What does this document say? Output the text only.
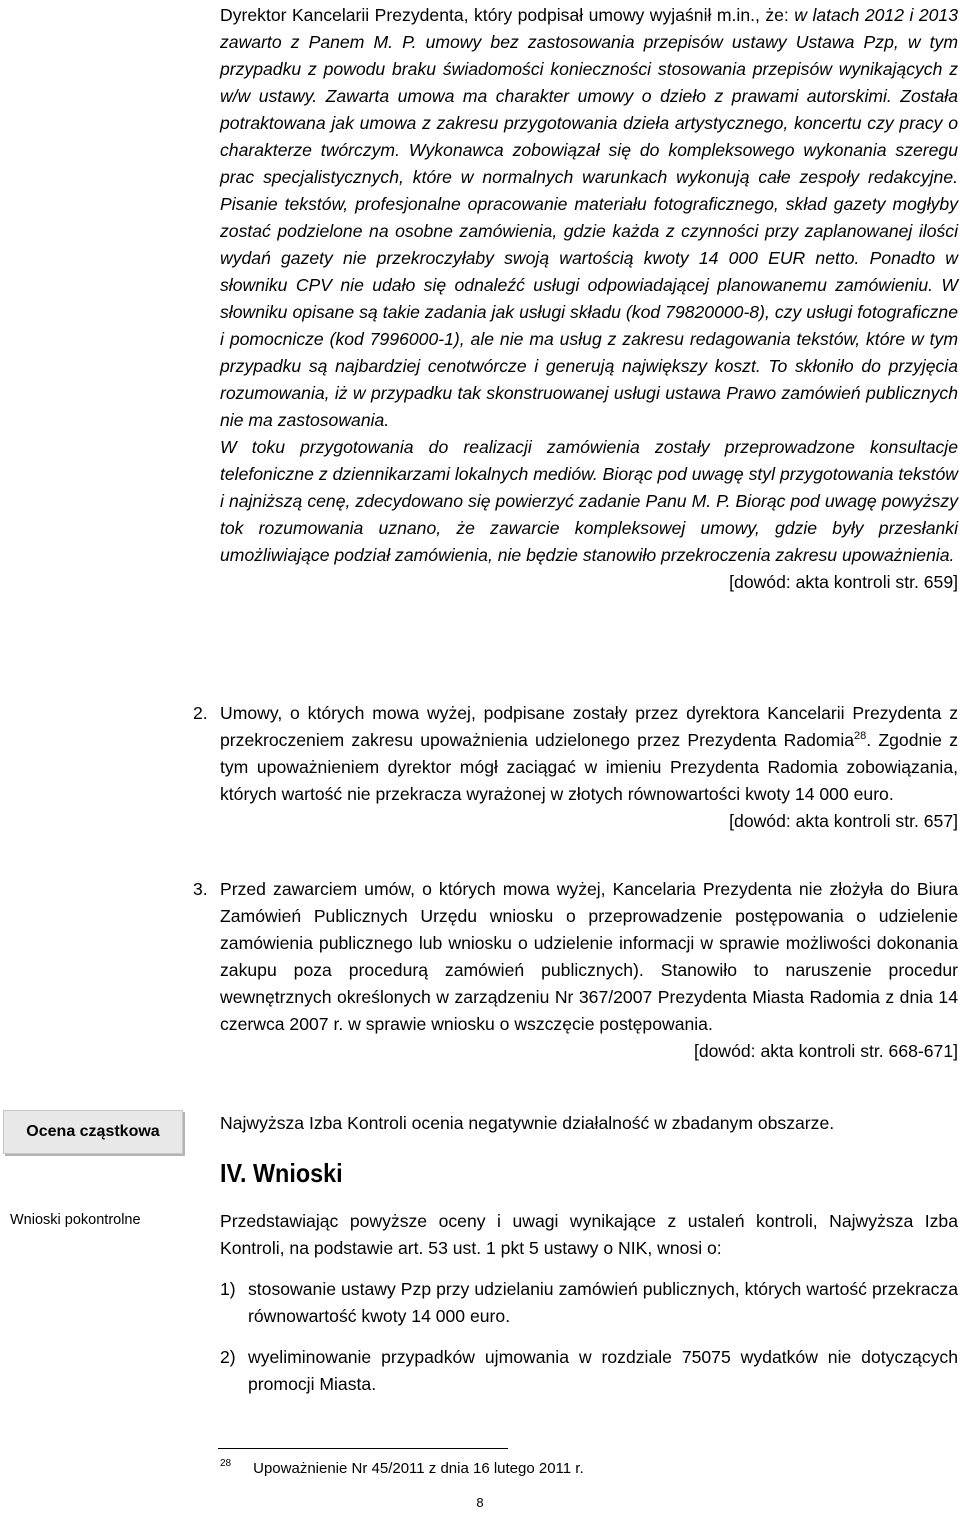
Dyrektor Kancelarii Prezydenta, który podpisał umowy wyjaśnił m.in., że: w latach 2012 i 2013 zawarto z Panem M. P. umowy bez zastosowania przepisów ustawy Ustawa Pzp, w tym przypadku z powodu braku świadomości konieczności stosowania przepisów wynikających z w/w ustawy. Zawarta umowa ma charakter umowy o dzieło z prawami autorskimi. Została potraktowana jak umowa z zakresu przygotowania dzieła artystycznego, koncertu czy pracy o charakterze twórczym. Wykonawca zobowiązał się do kompleksowego wykonania szeregu prac specjalistycznych, które w normalnych warunkach wykonują całe zespoły redakcyjne. Pisanie tekstów, profesjonalne opracowanie materiału fotograficznego, skład gazety mogłyby zostać podzielone na osobne zamówienia, gdzie każda z czynności przy zaplanowanej ilości wydań gazety nie przekroczyłaby swoją wartością kwoty 14 000 EUR netto. Ponadto w słowniku CPV nie udało się odnaleźć usługi odpowiadającej planowanemu zamówieniu. W słowniku opisane są takie zadania jak usługi składu (kod 79820000-8), czy usługi fotograficzne i pomocnicze (kod 7996000-1), ale nie ma usług z zakresu redagowania tekstów, które w tym przypadku są najbardziej cenotwórcze i generują największy koszt. To skłoniło do przyjęcia rozumowania, iż w przypadku tak skonstruowanej usługi ustawa Prawo zamówień publicznych nie ma zastosowania.

W toku przygotowania do realizacji zamówienia zostały przeprowadzone konsultacje telefoniczne z dziennikarzami lokalnych mediów. Biorąc pod uwagę styl przygotowania tekstów i najniższą cenę, zdecydowano się powierzyć zadanie Panu M. P. Biorąc pod uwagę powyższy tok rozumowania uznano, że zawarcie kompleksowej umowy, gdzie były przesłanki umożliwiające podział zamówienia, nie będzie stanowiło przekroczenia zakresu upoważnienia.

[dowód: akta kontroli str. 659]

2. Umowy, o których mowa wyżej, podpisane zostały przez dyrektora Kancelarii Prezydenta z przekroczeniem zakresu upoważnienia udzielonego przez Prezydenta Radomia$^{28}$. Zgodnie z tym upoważnieniem dyrektor mógł zaciągać w imieniu Prezydenta Radomia zobowiązania, których wartość nie przekracza wyrażonej w złotych równowartości kwoty 14 000 euro.

[dowód: akta kontroli str. 657]

3. Przed zawarciem umów, o których mowa wyżej, Kancelaria Prezydenta nie złożyła do Biura Zamówień Publicznych Urzędu wniosku o przeprowadzenie postępowania o udzielenie zamówienia publicznego lub wniosku o udzielenie informacji w sprawie możliwości dokonania zakupu poza procedurą zamówień publicznych). Stanowiło to naruszenie procedur wewnętrznych określonych w zarządzeniu Nr 367/2007 Prezydenta Miasta Radomia z dnia 14 czerwca 2007 r. w sprawie wniosku o wszczęcie postępowania.

[dowód: akta kontroli str. 668-671]

Ocena cząstkowa
Wnioski pokontrolne

Najwyższa Izba Kontroli ocenia negatywnie działalność w zbadanym obszarze.

IV. Wnioski

Przedstawiając powyższe oceny i uwagi wynikające z ustaleń kontroli, Najwyższa Izba Kontroli, na podstawie art. 53 ust. 1 pkt 5 ustawy o NIK, wnosi o:

1) stosowanie ustawy Pzp przy udzielaniu zamówień publicznych, których wartość przekracza równowartość kwoty 14 000 euro.

2) wyeliminowanie przypadków ujmowania w rozdziale 75075 wydatków nie dotyczących promocji Miasta.

$^{28}$ Upoważnienie Nr 45/2011 z dnia 16 lutego 2011 r.
8
